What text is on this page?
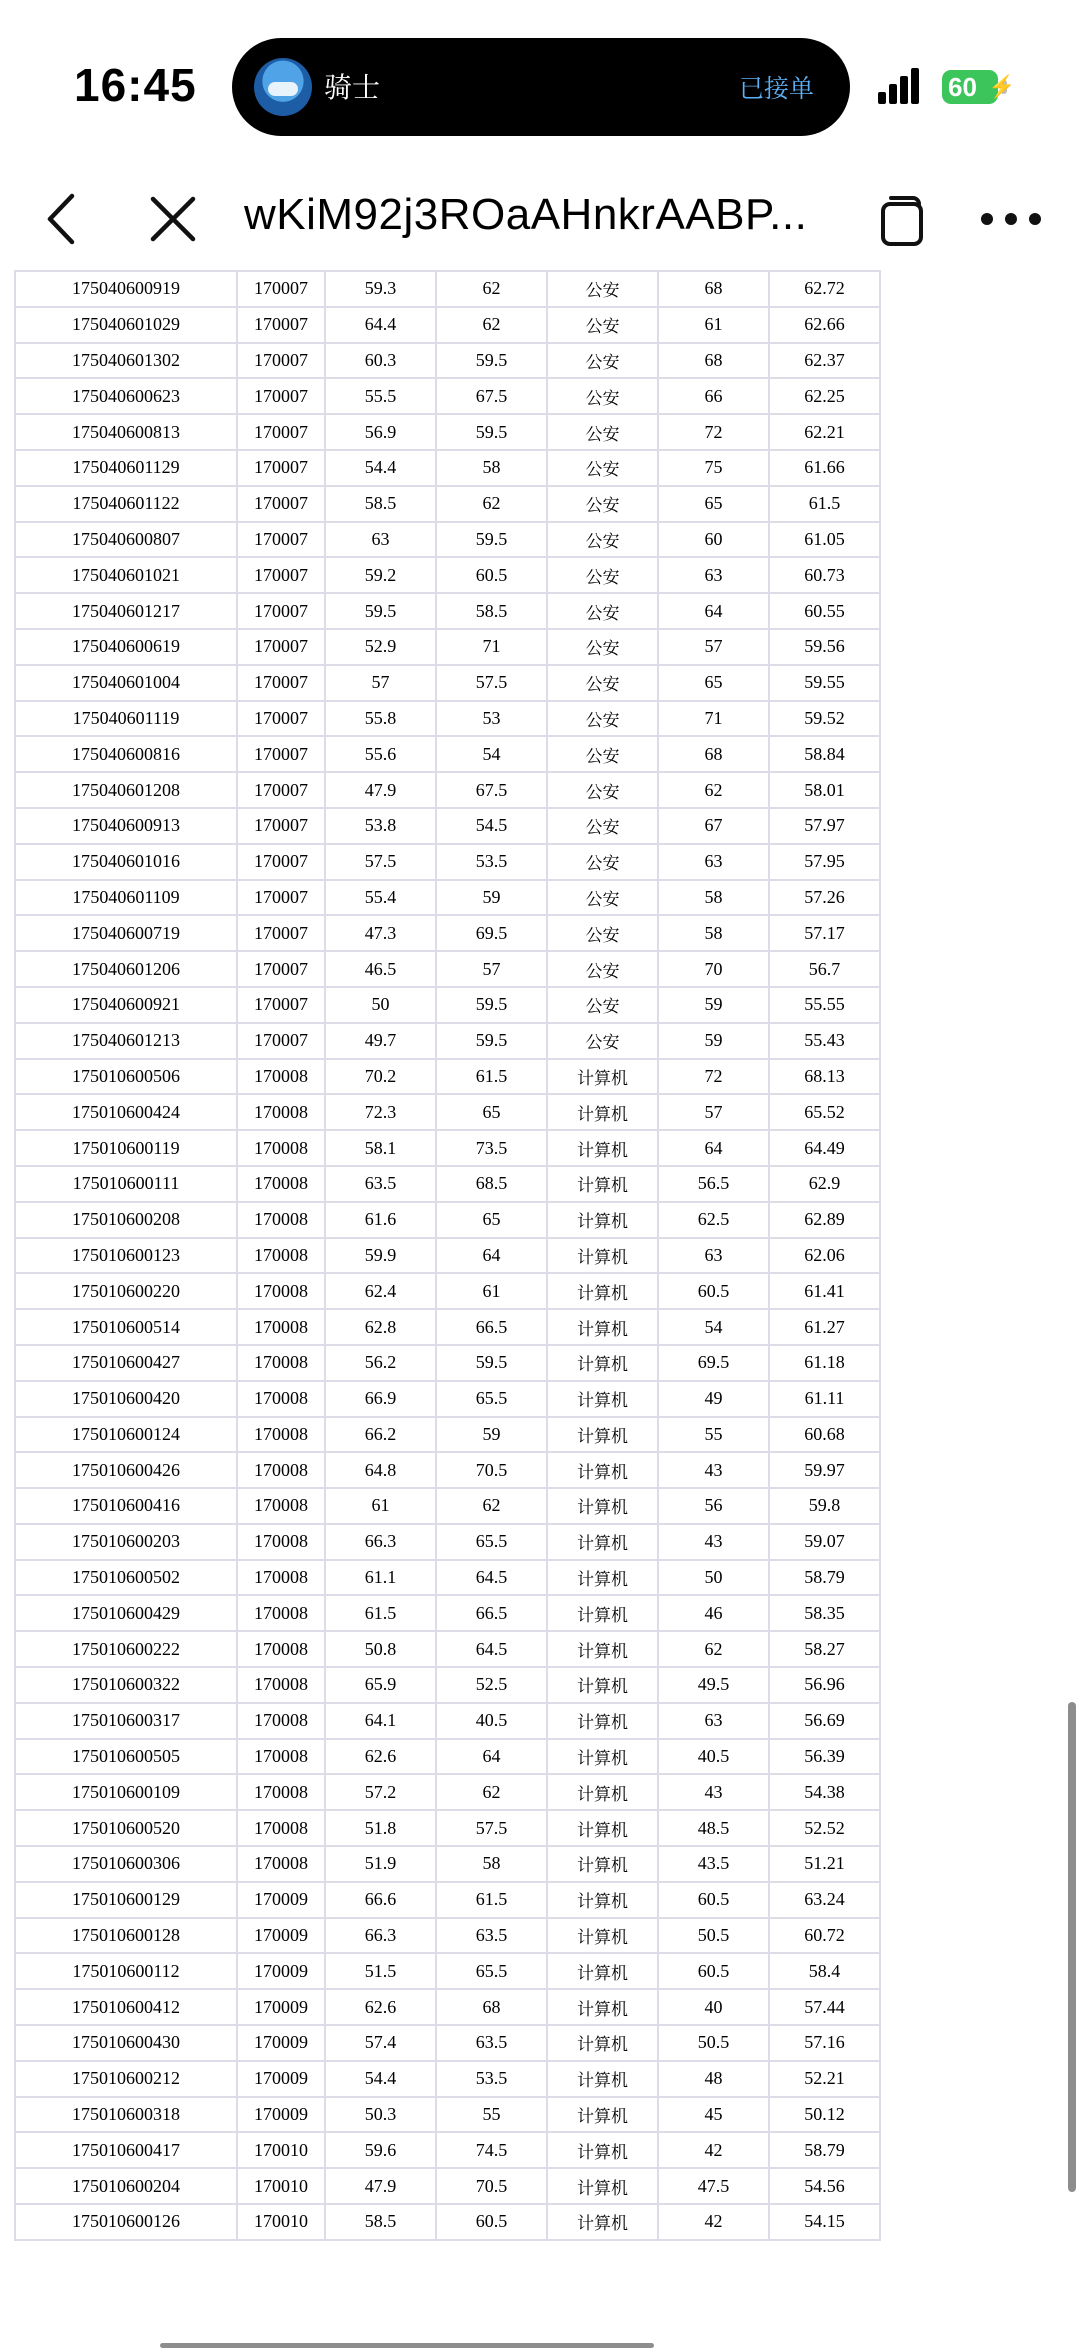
16:45	骑士	已接单	60 ⚡
wKiM92j3ROaAHnkrAABP...
175040600919	170007	59.3	62	公安	68	62.72
175040601029	170007	64.4	62	公安	61	62.66
175040601302	170007	60.3	59.5	公安	68	62.37
175040600623	170007	55.5	67.5	公安	66	62.25
175040600813	170007	56.9	59.5	公安	72	62.21
175040601129	170007	54.4	58	公安	75	61.66
175040601122	170007	58.5	62	公安	65	61.5
175040600807	170007	63	59.5	公安	60	61.05
175040601021	170007	59.2	60.5	公安	63	60.73
175040601217	170007	59.5	58.5	公安	64	60.55
175040600619	170007	52.9	71	公安	57	59.56
175040601004	170007	57	57.5	公安	65	59.55
175040601119	170007	55.8	53	公安	71	59.52
175040600816	170007	55.6	54	公安	68	58.84
175040601208	170007	47.9	67.5	公安	62	58.01
175040600913	170007	53.8	54.5	公安	67	57.97
175040601016	170007	57.5	53.5	公安	63	57.95
175040601109	170007	55.4	59	公安	58	57.26
175040600719	170007	47.3	69.5	公安	58	57.17
175040601206	170007	46.5	57	公安	70	56.7
175040600921	170007	50	59.5	公安	59	55.55
175040601213	170007	49.7	59.5	公安	59	55.43
175010600506	170008	70.2	61.5	计算机	72	68.13
175010600424	170008	72.3	65	计算机	57	65.52
175010600119	170008	58.1	73.5	计算机	64	64.49
175010600111	170008	63.5	68.5	计算机	56.5	62.9
175010600208	170008	61.6	65	计算机	62.5	62.89
175010600123	170008	59.9	64	计算机	63	62.06
175010600220	170008	62.4	61	计算机	60.5	61.41
175010600514	170008	62.8	66.5	计算机	54	61.27
175010600427	170008	56.2	59.5	计算机	69.5	61.18
175010600420	170008	66.9	65.5	计算机	49	61.11
175010600124	170008	66.2	59	计算机	55	60.68
175010600426	170008	64.8	70.5	计算机	43	59.97
175010600416	170008	61	62	计算机	56	59.8
175010600203	170008	66.3	65.5	计算机	43	59.07
175010600502	170008	61.1	64.5	计算机	50	58.79
175010600429	170008	61.5	66.5	计算机	46	58.35
175010600222	170008	50.8	64.5	计算机	62	58.27
175010600322	170008	65.9	52.5	计算机	49.5	56.96
175010600317	170008	64.1	40.5	计算机	63	56.69
175010600505	170008	62.6	64	计算机	40.5	56.39
175010600109	170008	57.2	62	计算机	43	54.38
175010600520	170008	51.8	57.5	计算机	48.5	52.52
175010600306	170008	51.9	58	计算机	43.5	51.21
175010600129	170009	66.6	61.5	计算机	60.5	63.24
175010600128	170009	66.3	63.5	计算机	50.5	60.72
175010600112	170009	51.5	65.5	计算机	60.5	58.4
175010600412	170009	62.6	68	计算机	40	57.44
175010600430	170009	57.4	63.5	计算机	50.5	57.16
175010600212	170009	54.4	53.5	计算机	48	52.21
175010600318	170009	50.3	55	计算机	45	50.12
175010600417	170010	59.6	74.5	计算机	42	58.79
175010600204	170010	47.9	70.5	计算机	47.5	54.56
175010600126	170010	58.5	60.5	计算机	42	54.15
